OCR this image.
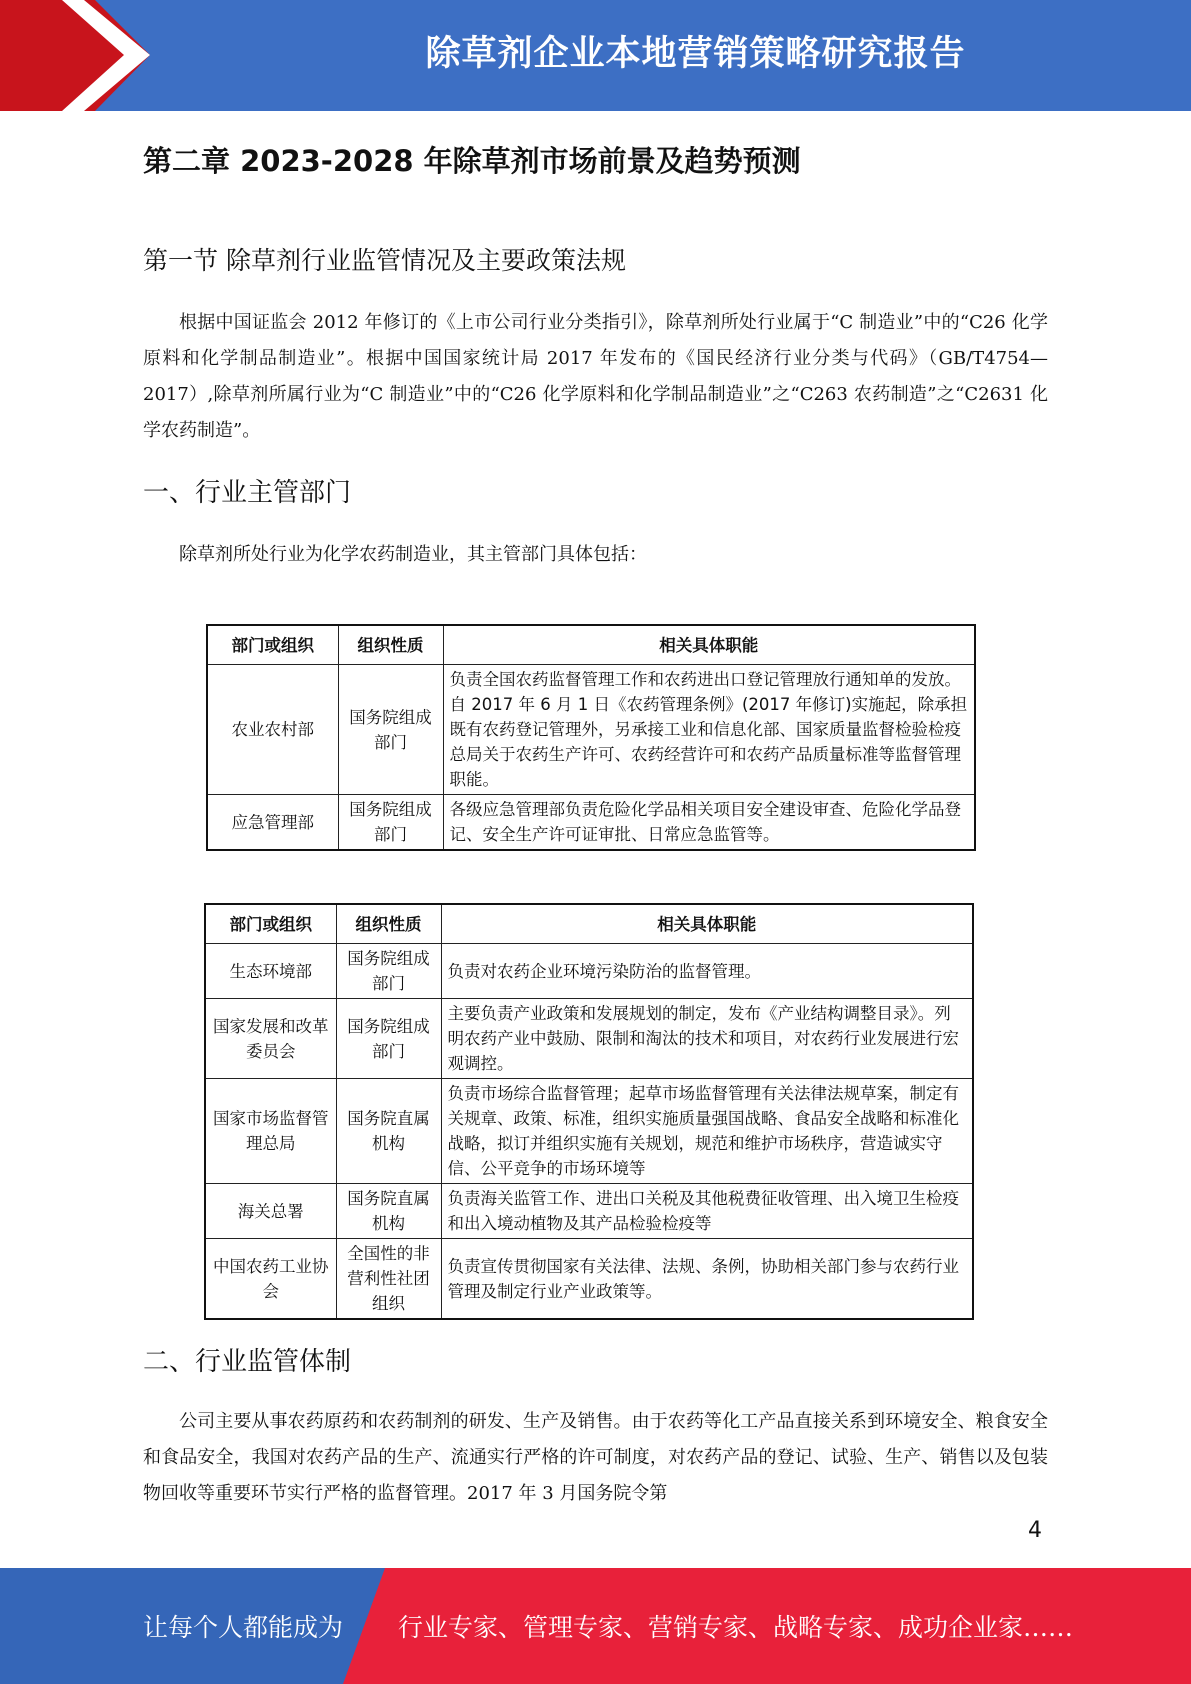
除草剂企业本地营销策略研究报告
第二章 2023-2028 年除草剂市场前景及趋势预测
第一节 除草剂行业监管情况及主要政策法规

根据中国证监会 2012 年修订的《上市公司行业分类指引》，除草剂所处行业属于“C 制造业”中的“C26 化学原料和化学制品制造业”。根据中国国家统计局 2017 年发布的《国民经济行业分类与代码》（GB/T4754—2017）,除草剂所属行业为“C 制造业”中的“C26 化学原料和化学制品制造业”之“C263 农药制造”之“C2631 化学农药制造”。

一、行业主管部门

除草剂所处行业为化学农药制造业，其主管部门具体包括：

部门或组织	组织性质	相关具体职能
农业农村部	国务院组成部门	负责全国农药监督管理工作和农药进出口登记管理放行通知单的发放。自 2017 年 6 月 1 日《农药管理条例》(2017 年修订)实施起，除承担既有农药登记管理外，另承接工业和信息化部、国家质量监督检验检疫总局关于农药生产许可、农药经营许可和农药产品质量标准等监督管理职能。
应急管理部	国务院组成部门	各级应急管理部负责危险化学品相关项目安全建设审查、危险化学品登记、安全生产许可证审批、日常应急监管等。
部门或组织	组织性质	相关具体职能
生态环境部	国务院组成部门	负责对农药企业环境污染防治的监督管理。
国家发展和改革委员会	国务院组成部门	主要负责产业政策和发展规划的制定，发布《产业结构调整目录》。列明农药产业中鼓励、限制和淘汰的技术和项目，对农药行业发展进行宏观调控。
国家市场监督管理总局	国务院直属机构	负责市场综合监督管理；起草市场监督管理有关法律法规草案，制定有关规章、政策、标准，组织实施质量强国战略、食品安全战略和标准化战略，拟订并组织实施有关规划，规范和维护市场秩序，营造诚实守信、公平竞争的市场环境等
海关总署	国务院直属机构	负责海关监管工作、进出口关税及其他税费征收管理、出入境卫生检疫和出入境动植物及其产品检验检疫等
中国农药工业协会	全国性的非营利性社团组织	负责宣传贯彻国家有关法律、法规、条例，协助相关部门参与农药行业管理及制定行业产业政策等。
二、行业监管体制

公司主要从事农药原药和农药制剂的研发、生产及销售。由于农药等化工产品直接关系到环境安全、粮食安全和食品安全，我国对农药产品的生产、流通实行严格的许可制度，对农药产品的登记、试验、生产、销售以及包装物回收等重要环节实行严格的监督管理。2017 年 3 月国务院令第

4
让每个人都能成为 行业专家、管理专家、营销专家、战略专家、成功企业家……
